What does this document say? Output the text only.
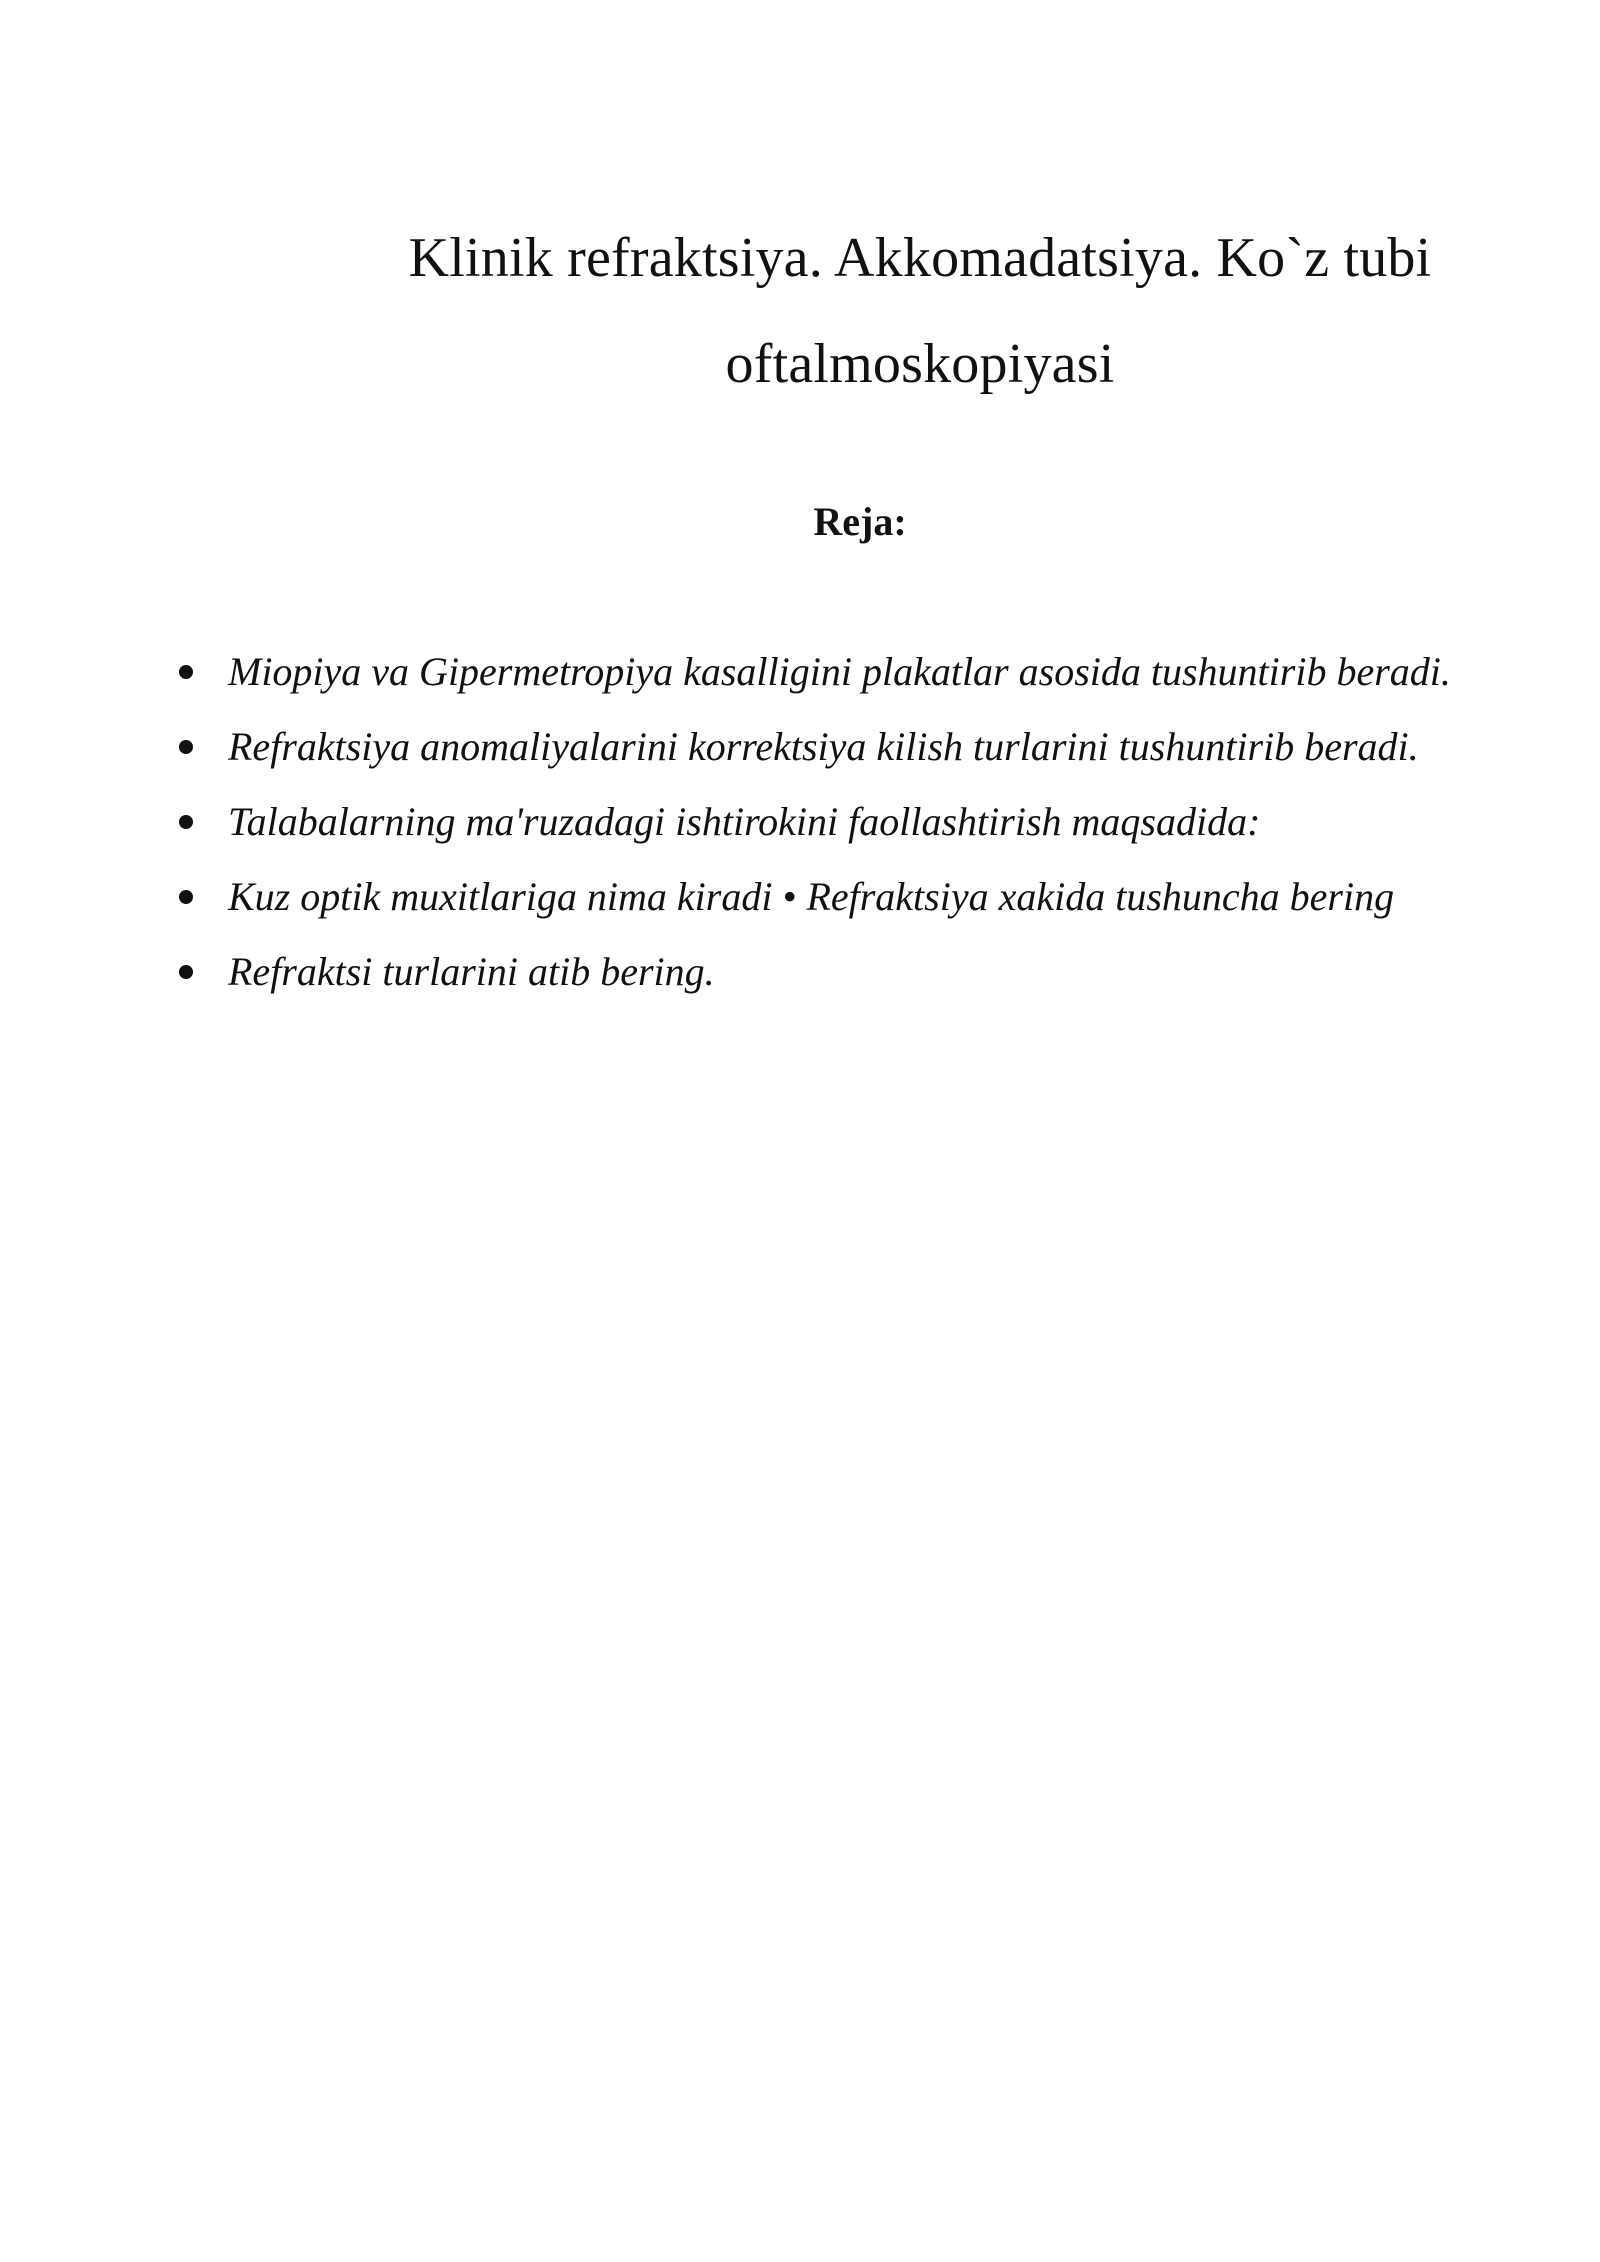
Klinik refraktsiya. Akkomadatsiya. Ko`z tubi
oftalmoskopiyasi
Reja:
Miopiya va Gipermetropiya kasalligini plakatlar asosida tushuntirib beradi.
Refraktsiya anomaliyalarini korrektsiya kilish turlarini tushuntirib beradi.
Talabalarning ma'ruzadagi ishtirokini faollashtirish maqsadida:
Kuz optik muxitlariga nima kiradi • Refraktsiya xakida tushuncha bering
Refraktsi turlarini atib bering.
